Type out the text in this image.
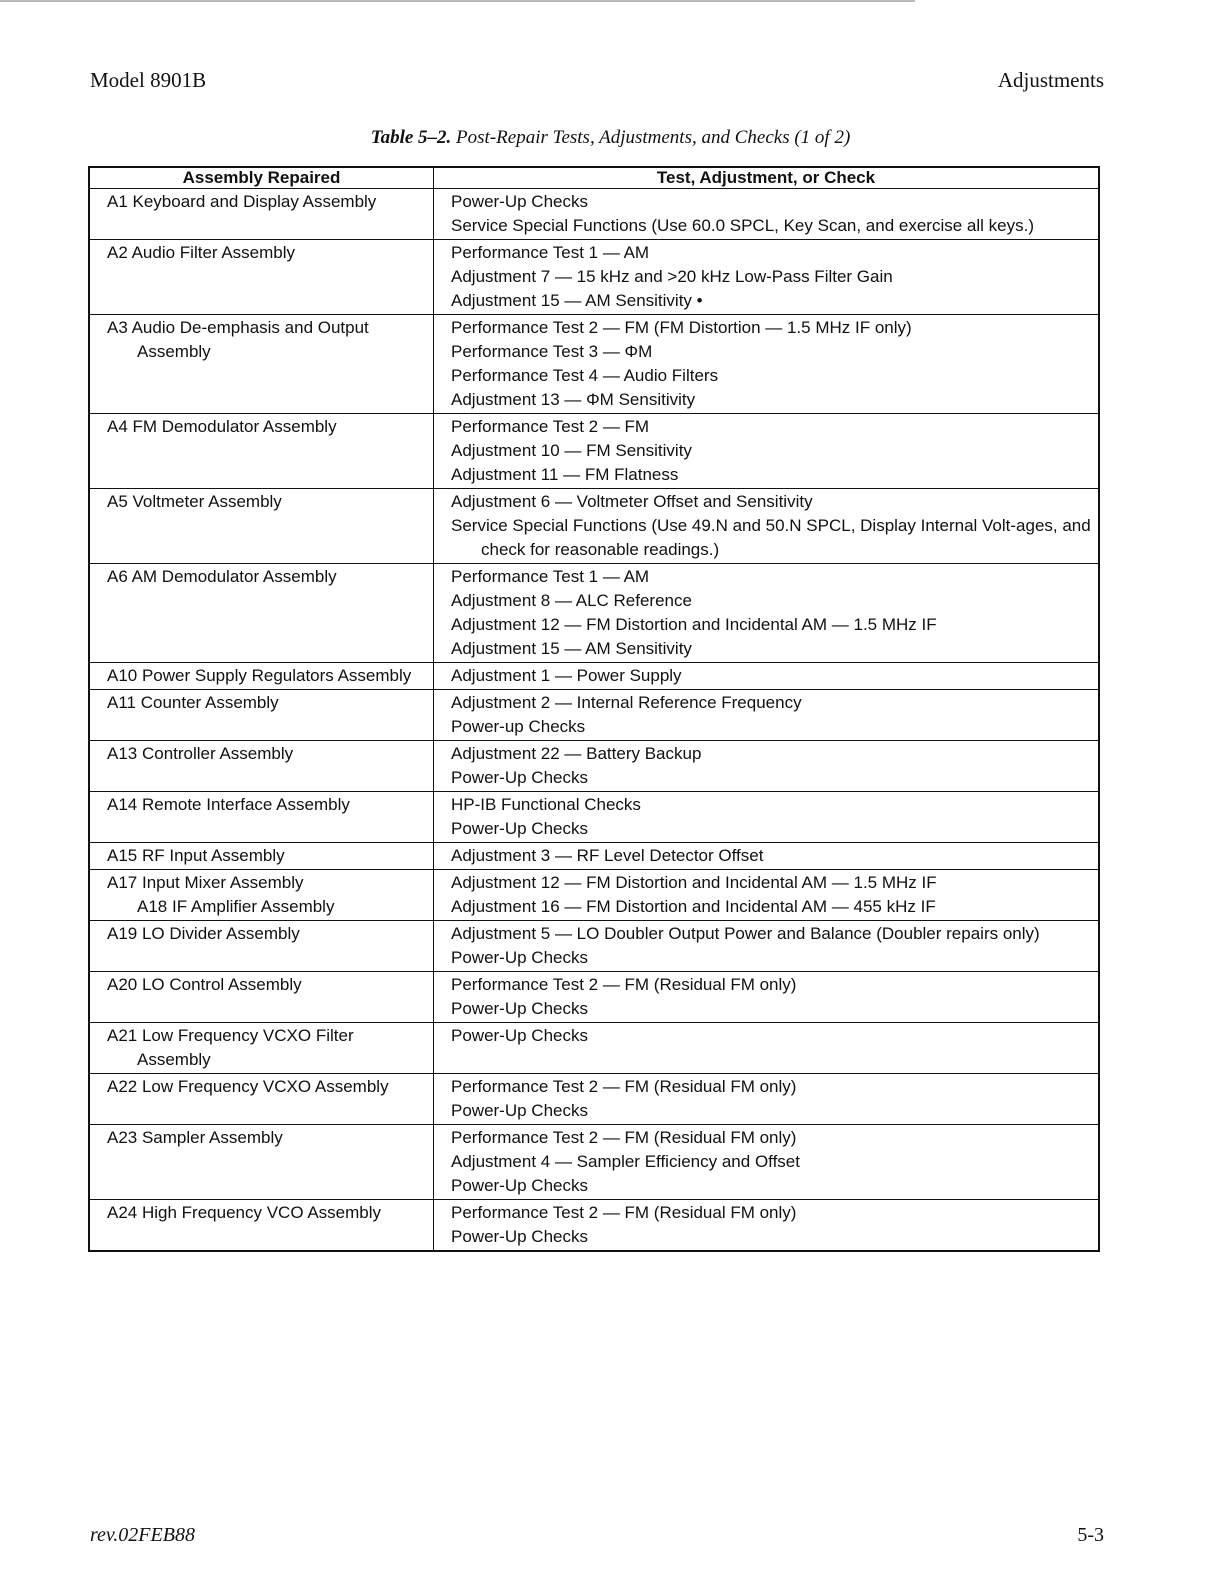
Model 8901B	Adjustments
Table 5–2. Post-Repair Tests, Adjustments, and Checks (1 of 2)
Assembly Repaired	Test, Adjustment, or Check

A1 Keyboard and Display Assembly	Power-Up Checks
Service Special Functions (Use 60.0 SPCL, Key Scan, and exercise all keys.)

A2 Audio Filter Assembly	Performance Test 1 — AM
Adjustment 7 — 15 kHz and >20 kHz Low-Pass Filter Gain
Adjustment 15 — AM Sensitivity •

A3 Audio De-emphasis and Output Assembly	Performance Test 2 — FM (FM Distortion — 1.5 MHz IF only)
Performance Test 3 — ΦM
Performance Test 4 — Audio Filters
Adjustment 13 — ΦM Sensitivity

A4 FM Demodulator Assembly	Performance Test 2 — FM
Adjustment 10 — FM Sensitivity
Adjustment 11 — FM Flatness

A5 Voltmeter Assembly	Adjustment 6 — Voltmeter Offset and Sensitivity
Service Special Functions (Use 49.N and 50.N SPCL, Display Internal Volt-ages, and check for reasonable readings.)

A6 AM Demodulator Assembly	Performance Test 1 — AM
Adjustment 8 — ALC Reference
Adjustment 12 — FM Distortion and Incidental AM — 1.5 MHz IF
Adjustment 15 — AM Sensitivity

A10 Power Supply Regulators Assembly	Adjustment 1 — Power Supply

A11 Counter Assembly	Adjustment 2 — Internal Reference Frequency
Power-up Checks

A13 Controller Assembly	Adjustment 22 — Battery Backup
Power-Up Checks

A14 Remote Interface Assembly	HP-IB Functional Checks
Power-Up Checks

A15 RF Input Assembly	Adjustment 3 — RF Level Detector Offset

A17 Input Mixer Assembly
A18 IF Amplifier Assembly	Adjustment 12 — FM Distortion and Incidental AM — 1.5 MHz IF
Adjustment 16 — FM Distortion and Incidental AM — 455 kHz IF

A19 LO Divider Assembly	Adjustment 5 — LO Doubler Output Power and Balance (Doubler repairs only)
Power-Up Checks

A20 LO Control Assembly	Performance Test 2 — FM (Residual FM only)
Power-Up Checks

A21 Low Frequency VCXO Filter Assembly	Power-Up Checks

A22 Low Frequency VCXO Assembly	Performance Test 2 — FM (Residual FM only)
Power-Up Checks

A23 Sampler Assembly	Performance Test 2 — FM (Residual FM only)
Adjustment 4 — Sampler Efficiency and Offset
Power-Up Checks

A24 High Frequency VCO Assembly	Performance Test 2 — FM (Residual FM only)
Power-Up Checks
rev.02FEB88	5-3
